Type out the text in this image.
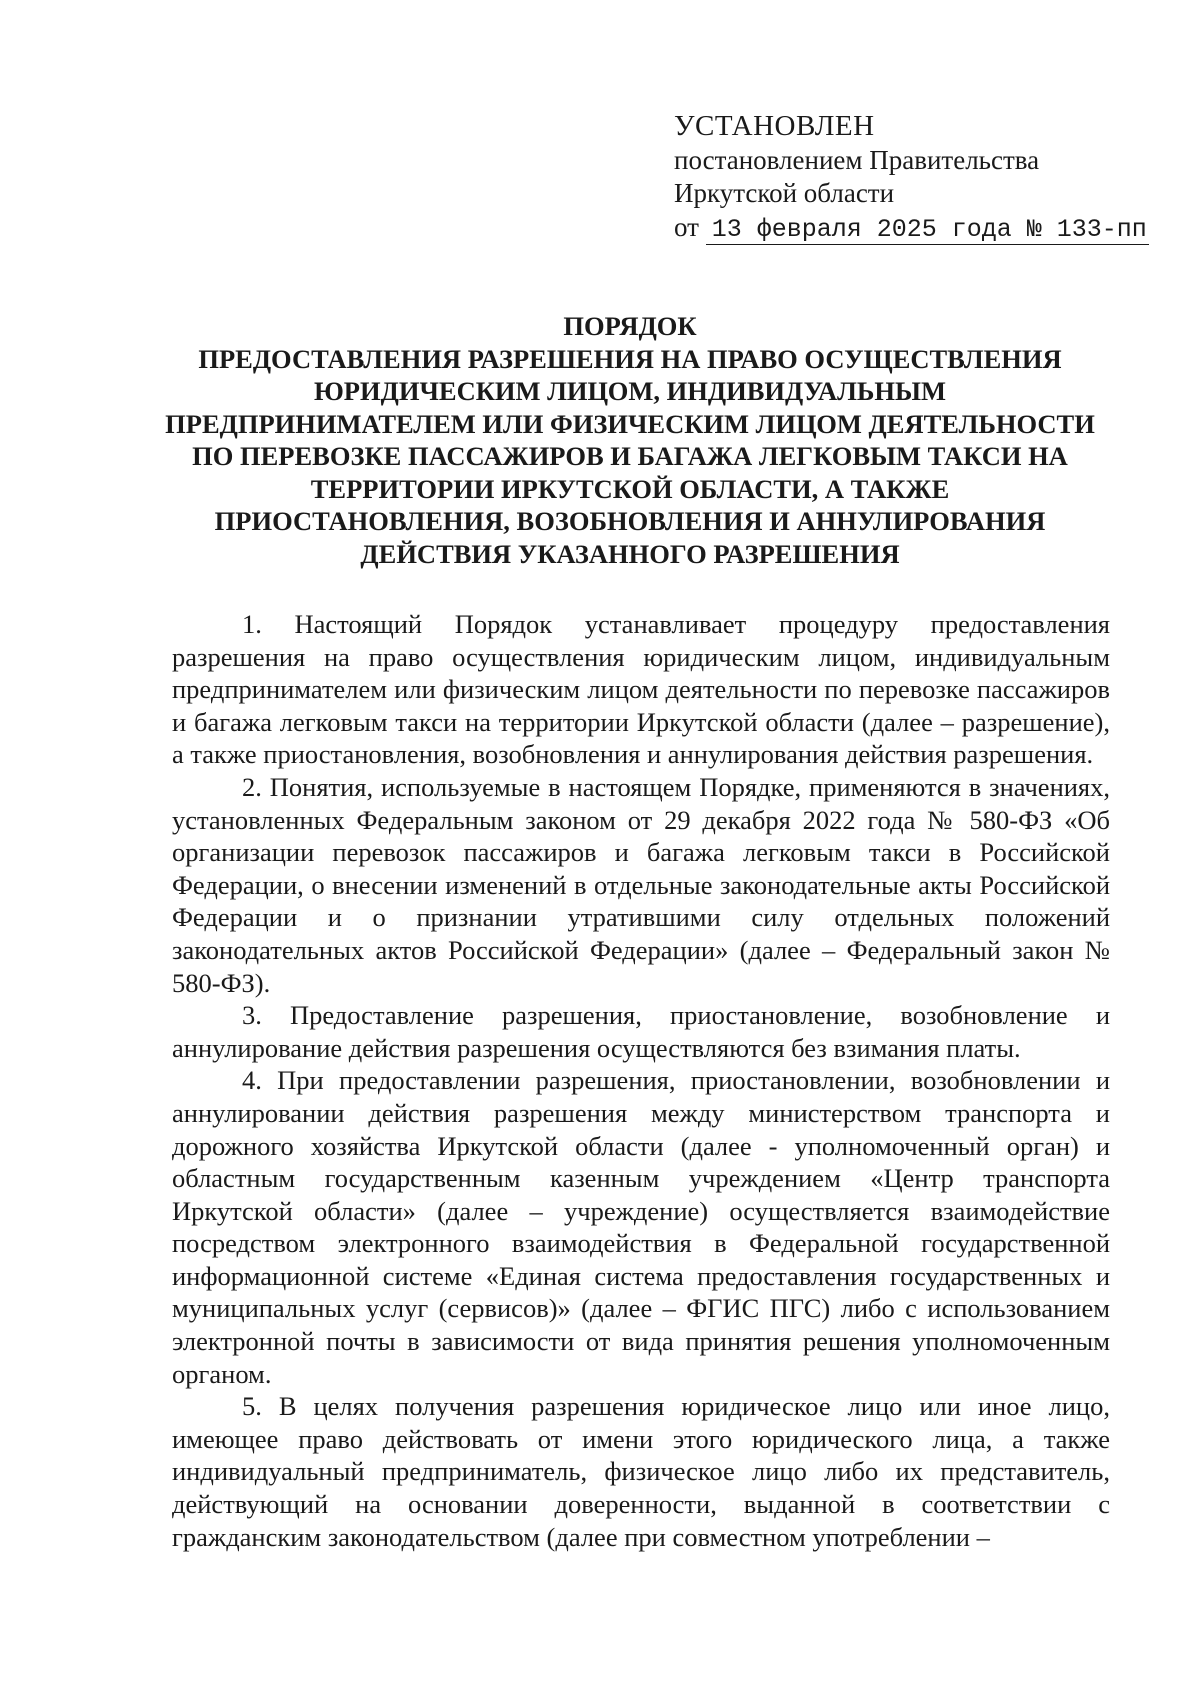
УСТАНОВЛЕН
постановлением Правительства
Иркутской области
от 13 февраля 2025 года № 133-пп
ПОРЯДОК
ПРЕДОСТАВЛЕНИЯ РАЗРЕШЕНИЯ НА ПРАВО ОСУЩЕСТВЛЕНИЯ ЮРИДИЧЕСКИМ ЛИЦОМ, ИНДИВИДУАЛЬНЫМ ПРЕДПРИНИМАТЕЛЕМ ИЛИ ФИЗИЧЕСКИМ ЛИЦОМ ДЕЯТЕЛЬНОСТИ ПО ПЕРЕВОЗКЕ ПАССАЖИРОВ И БАГАЖА ЛЕГКОВЫМ ТАКСИ НА ТЕРРИТОРИИ ИРКУТСКОЙ ОБЛАСТИ, А ТАКЖЕ ПРИОСТАНОВЛЕНИЯ, ВОЗОБНОВЛЕНИЯ И АННУЛИРОВАНИЯ ДЕЙСТВИЯ УКАЗАННОГО РАЗРЕШЕНИЯ

1. Настоящий Порядок устанавливает процедуру предоставления разрешения на право осуществления юридическим лицом, индивидуальным предпринимателем или физическим лицом деятельности по перевозке пассажиров и багажа легковым такси на территории Иркутской области (далее – разрешение), а также приостановления, возобновления и аннулирования действия разрешения.

2. Понятия, используемые в настоящем Порядке, применяются в значениях, установленных Федеральным законом от 29 декабря 2022 года № 580-ФЗ «Об организации перевозок пассажиров и багажа легковым такси в Российской Федерации, о внесении изменений в отдельные законодательные акты Российской Федерации и о признании утратившими силу отдельных положений законодательных актов Российской Федерации» (далее – Федеральный закон № 580-ФЗ).

3. Предоставление разрешения, приостановление, возобновление и аннулирование действия разрешения осуществляются без взимания платы.

4. При предоставлении разрешения, приостановлении, возобновлении и аннулировании действия разрешения между министерством транспорта и дорожного хозяйства Иркутской области (далее - уполномоченный орган) и областным государственным казенным учреждением «Центр транспорта Иркутской области» (далее – учреждение) осуществляется взаимодействие посредством электронного взаимодействия в Федеральной государственной информационной системе «Единая система предоставления государственных и муниципальных услуг (сервисов)» (далее – ФГИС ПГС) либо с использованием электронной почты в зависимости от вида принятия решения уполномоченным органом.

5. В целях получения разрешения юридическое лицо или иное лицо, имеющее право действовать от имени этого юридического лица, а также индивидуальный предприниматель, физическое лицо либо их представитель, действующий на основании доверенности, выданной в соответствии с гражданским законодательством (далее при совместном употреблении –
